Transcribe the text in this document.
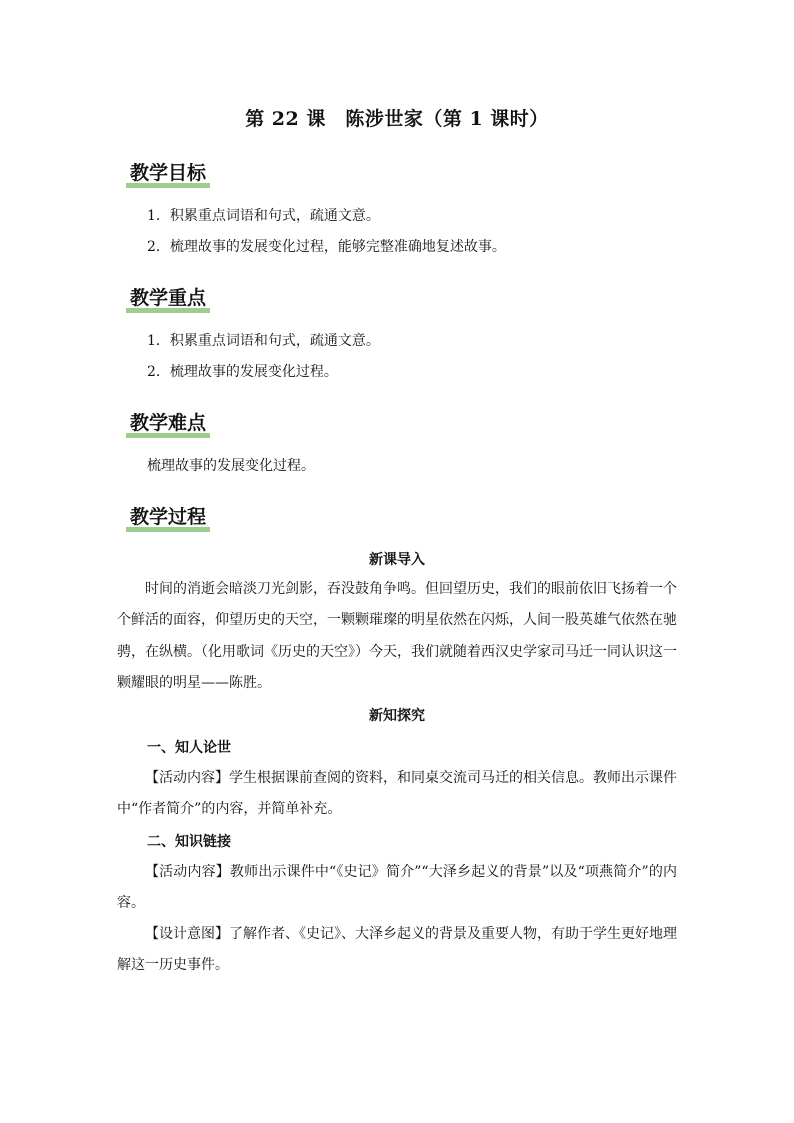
第 22 课　陈涉世家（第 1 课时）
教学目标
1．积累重点词语和句式，疏通文意。
2．梳理故事的发展变化过程，能够完整准确地复述故事。
教学重点
1．积累重点词语和句式，疏通文意。
2．梳理故事的发展变化过程。
教学难点
梳理故事的发展变化过程。
教学过程
新课导入
时间的消逝会暗淡刀光剑影，吞没鼓角争鸣。但回望历史，我们的眼前依旧飞扬着一个个鲜活的面容，仰望历史的天空，一颗颗璀璨的明星依然在闪烁，人间一股英雄气依然在驰骋，在纵横。（化用歌词《历史的天空》）今天，我们就随着西汉史学家司马迁一同认识这一颗耀眼的明星——陈胜。
新知探究
一、知人论世
【活动内容】学生根据课前查阅的资料，和同桌交流司马迁的相关信息。教师出示课件中“作者简介”的内容，并简单补充。
二、知识链接
【活动内容】教师出示课件中“《史记》简介”“大泽乡起义的背景”以及“项燕简介”的内容。
【设计意图】了解作者、《史记》、大泽乡起义的背景及重要人物，有助于学生更好地理解这一历史事件。
